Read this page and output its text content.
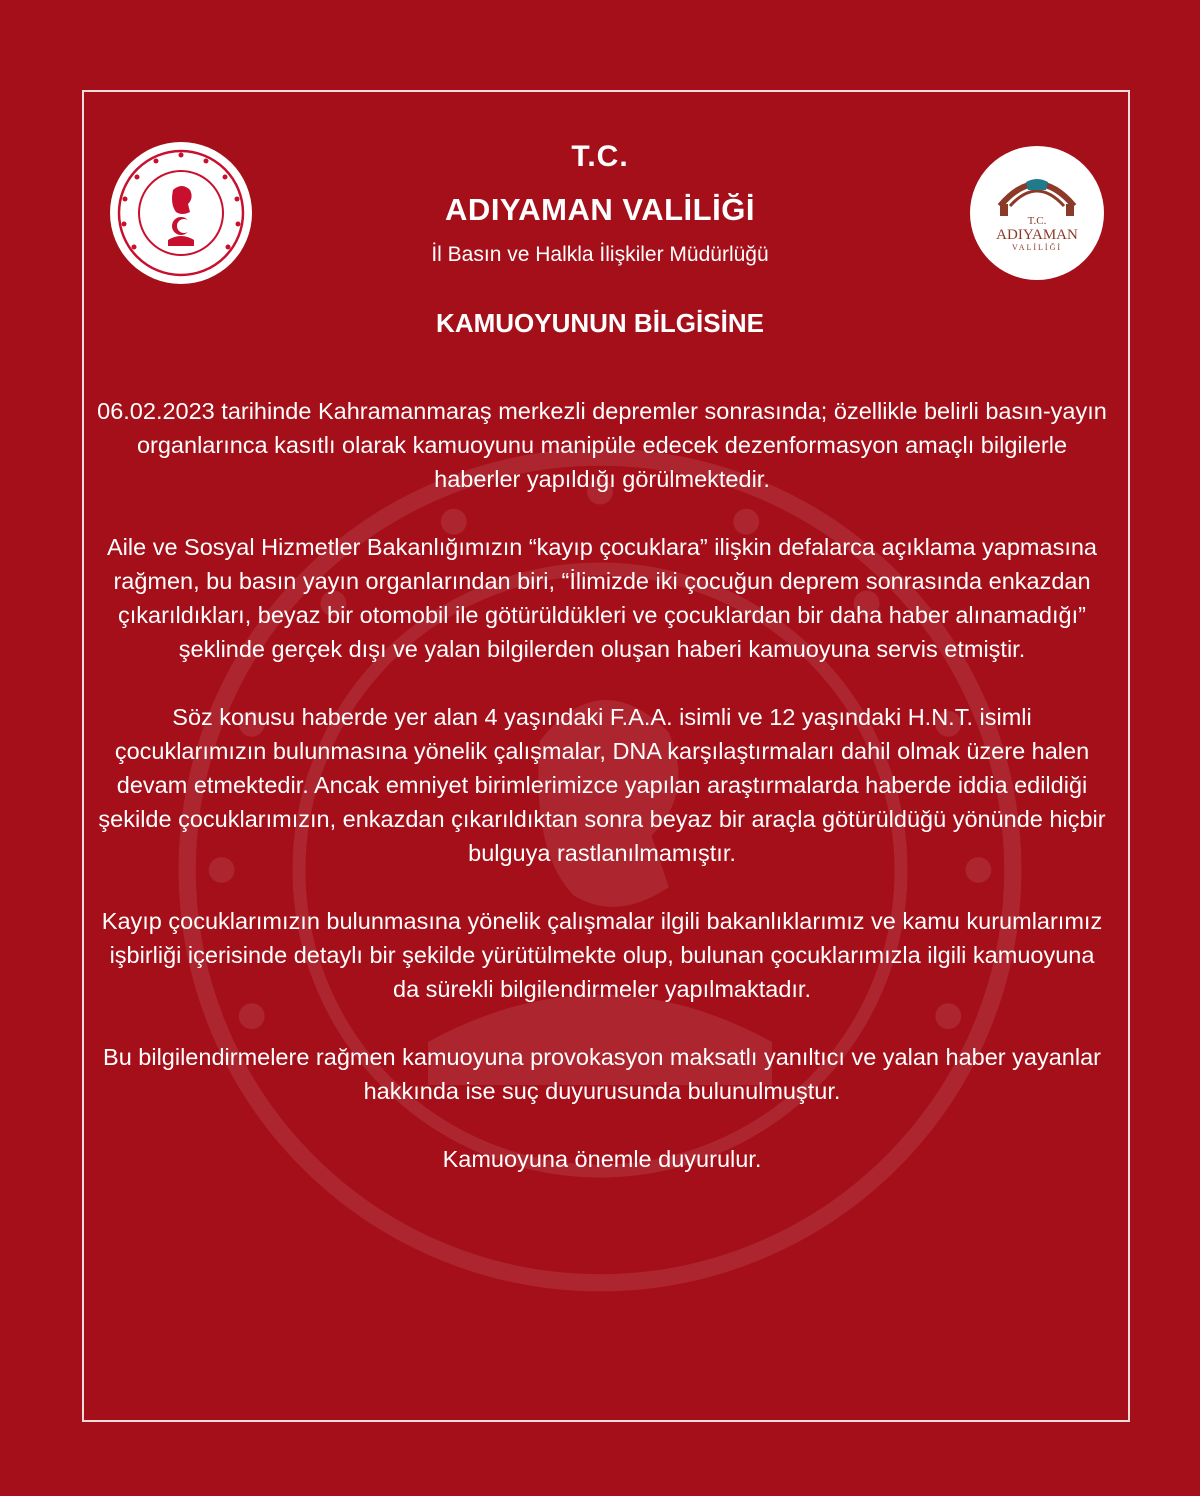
T.C.
ADIYAMAN
VALİLİĞİ
T.C.
ADIYAMAN VALİLİĞİ
İl Basın ve Halkla İlişkiler Müdürlüğü
KAMUOYUNUN BİLGİSİNE

06.02.2023 tarihinde Kahramanmaraş merkezli depremler sonrasında; özellikle belirli basın-yayın organlarınca kasıtlı olarak kamuoyunu manipüle edecek dezenformasyon amaçlı bilgilerle haberler yapıldığı görülmektedir.

Aile ve Sosyal Hizmetler Bakanlığımızın “kayıp çocuklara” ilişkin defalarca açıklama yapmasına rağmen, bu basın yayın organlarından biri, “İlimizde iki çocuğun deprem sonrasında enkazdan çıkarıldıkları, beyaz bir otomobil ile götürüldükleri ve çocuklardan bir daha haber alınamadığı” şeklinde gerçek dışı ve yalan bilgilerden oluşan haberi kamuoyuna servis etmiştir.

Söz konusu haberde yer alan 4 yaşındaki F.A.A. isimli ve 12 yaşındaki H.N.T. isimli çocuklarımızın bulunmasına yönelik çalışmalar, DNA karşılaştırmaları dahil olmak üzere halen devam etmektedir. Ancak emniyet birimlerimizce yapılan araştırmalarda haberde iddia edildiği şekilde çocuklarımızın, enkazdan çıkarıldıktan sonra beyaz bir araçla götürüldüğü yönünde hiçbir bulguya rastlanılmamıştır.

Kayıp çocuklarımızın bulunmasına yönelik çalışmalar ilgili bakanlıklarımız ve kamu kurumlarımız işbirliği içerisinde detaylı bir şekilde yürütülmekte olup, bulunan çocuklarımızla ilgili kamuoyuna da sürekli bilgilendirmeler yapılmaktadır.

Bu bilgilendirmelere rağmen kamuoyuna provokasyon maksatlı yanıltıcı ve yalan haber yayanlar hakkında ise suç duyurusunda bulunulmuştur.

Kamuoyuna önemle duyurulur.
